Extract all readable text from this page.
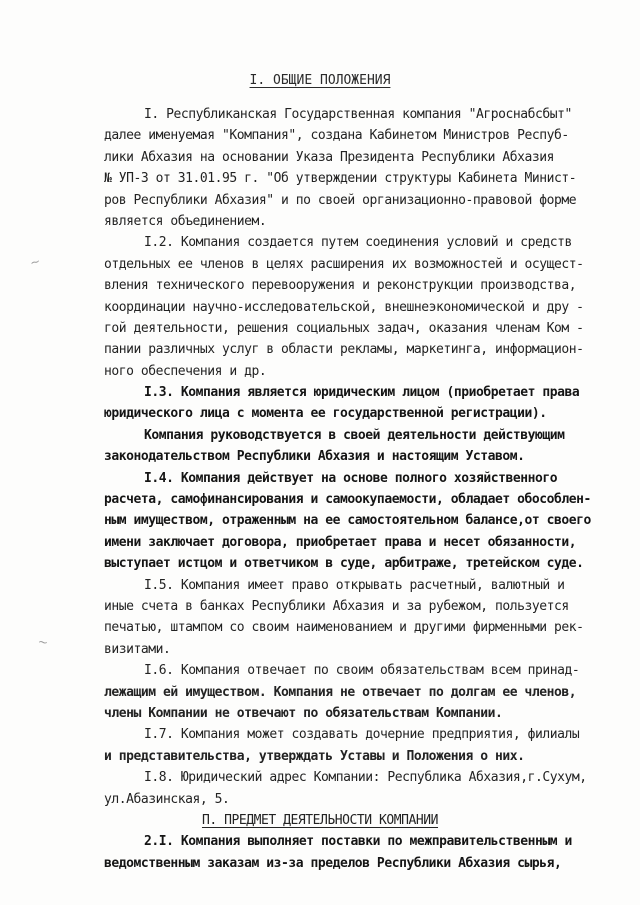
I. ОБЩИЕ ПОЛОЖЕНИЯ
I. Республиканская Государственная компания "Агроснабсбыт"
далее именуемая "Компания", создана Кабинетом Министров Респуб-
лики Абхазия на основании Указа Президента Республики Абхазия
№ УП-3 от 31.01.95 г. "Об утверждении структуры Кабинета Минист-
ров Республики Абхазия" и по своей организационно-правовой форме
является объединением.
I.2. Компания создается путем соединения условий и средств
отдельных ее членов в целях расширения их возможностей и осущест-
вления технического перевооружения и реконструкции производства,
координации научно-исследовательской, внешнеэкономической и дру -
гой деятельности, решения социальных задач, оказания членам Ком -
пании различных услуг в области рекламы, маркетинга, информацион-
ного обеспечения и др.
I.3. Компания является юридическим лицом (приобретает права
юридического лица с момента ее государственной регистрации).
Компания руководствуется в своей деятельности действующим
законодательством Республики Абхазия и настоящим Уставом.
I.4. Компания действует на основе полного хозяйственного
расчета, самофинансирования и самоокупаемости, обладает обособлен-
ным имуществом, отраженным на ее самостоятельном балансе,от своего
имени заключает договора, приобретает права и несет обязанности,
выступает истцом и ответчиком в суде, арбитраже, третейском суде.
I.5. Компания имеет право открывать расчетный, валютный и
иные счета в банках Республики Абхазия и за рубежом, пользуется
печатью, штампом со своим наименованием и другими фирменными рек-
визитами.
I.6. Компания отвечает по своим обязательствам всем принад-
лежащим ей имуществом. Компания не отвечает по долгам ее членов,
члены Компании не отвечают по обязательствам Компании.
I.7. Компания может создавать дочерние предприятия, филиалы
и представительства, утверждать Уставы и Положения о них.
I.8. Юридический адрес Компании: Республика Абхазия,г.Сухум,
ул.Абазинская, 5.
П. ПРЕДМЕТ ДЕЯТЕЛЬНОСТИ КОМПАНИИ
2.I. Компания выполняет поставки по межправительственным и
ведомственным заказам из-за пределов Республики Абхазия сырья,
~
~
